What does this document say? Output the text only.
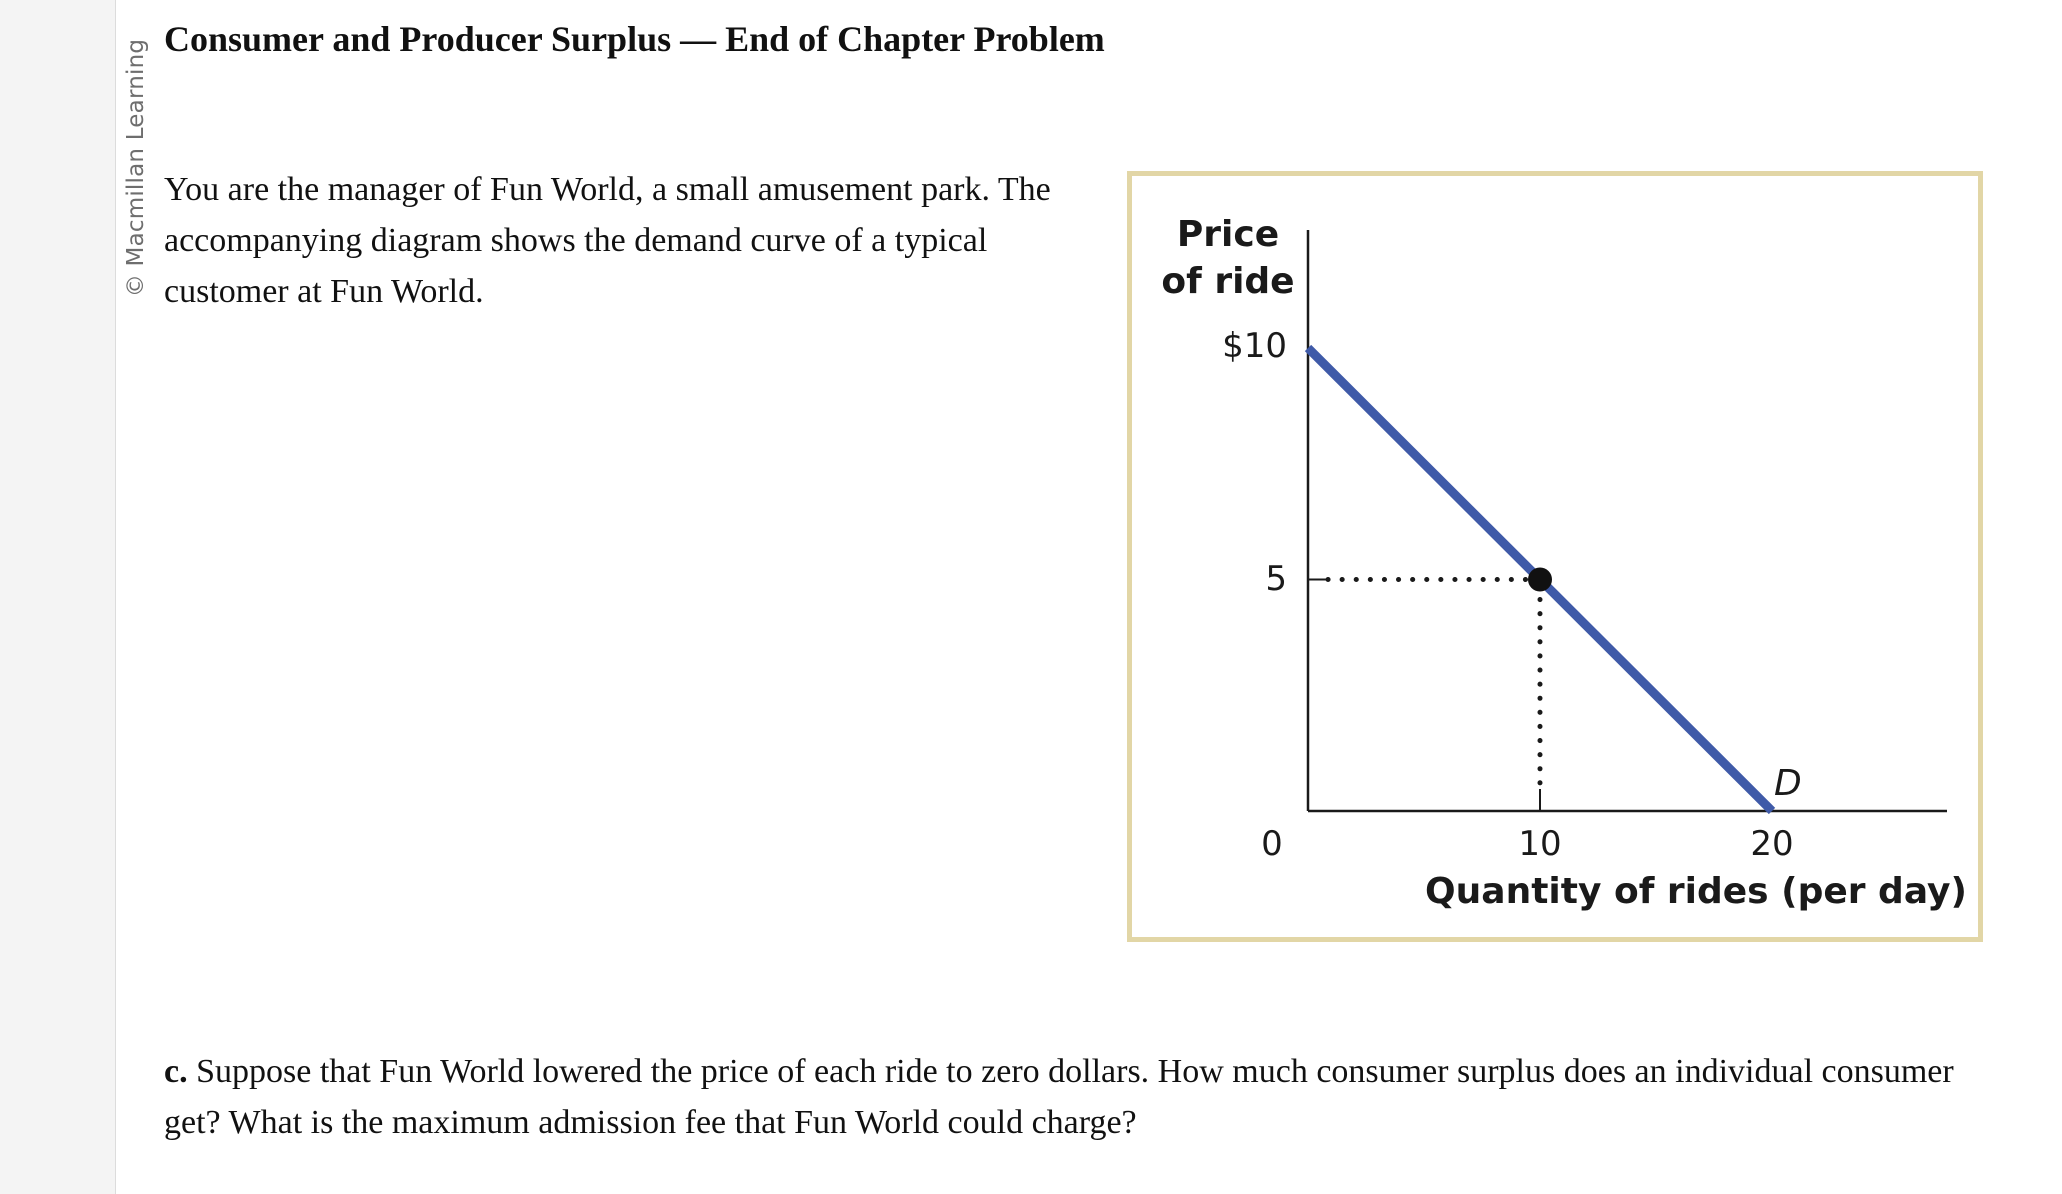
© Macmillan Learning Consumer and Producer Surplus — End of Chapter Problem

You are the manager of Fun World, a small amusement park. The accompanying diagram shows the demand curve of a typical customer at Fun World.

Price
of ride
$10
5
0	10	20
Quantity of rides (per day)
D

c. Suppose that Fun World lowered the price of each ride to zero dollars. How much consumer surplus does an individual consumer get? What is the maximum admission fee that Fun World could charge?
